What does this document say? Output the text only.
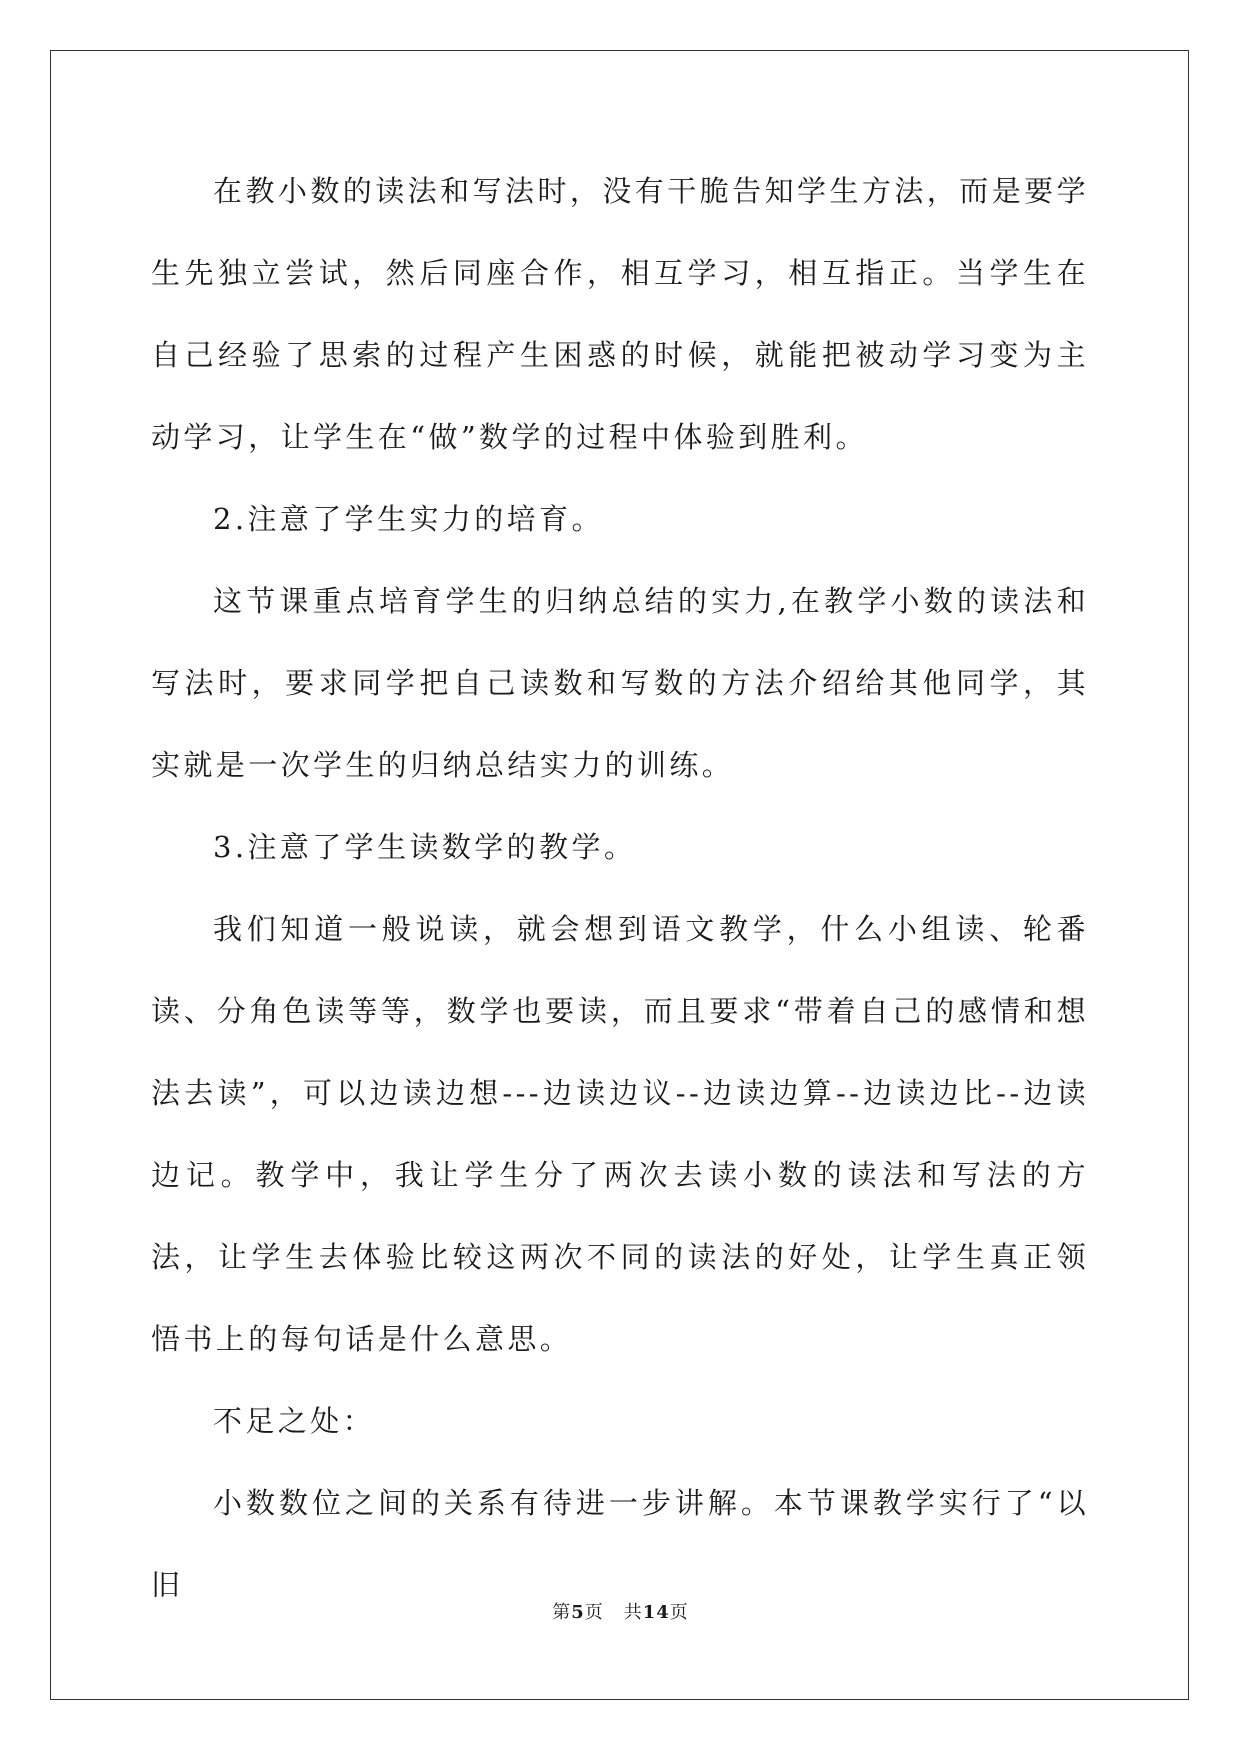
在教小数的读法和写法时，没有干脆告知学生方法，而是要学生先独立尝试，然后同座合作，相互学习，相互指正。当学生在自己经验了思索的过程产生困惑的时候，就能把被动学习变为主动学习，让学生在“做”数学的过程中体验到胜利。

2.注意了学生实力的培育。

这节课重点培育学生的归纳总结的实力,在教学小数的读法和写法时，要求同学把自己读数和写数的方法介绍给其他同学，其实就是一次学生的归纳总结实力的训练。

3.注意了学生读数学的教学。

我们知道一般说读，就会想到语文教学，什么小组读、轮番读、分角色读等等，数学也要读，而且要求“带着自己的感情和想法去读”，可以边读边想---边读边议--边读边算--边读边比--边读边记。教学中，我让学生分了两次去读小数的读法和写法的方法，让学生去体验比较这两次不同的读法的好处，让学生真正领悟书上的每句话是什么意思。

不足之处：

小数数位之间的关系有待进一步讲解。本节课教学实行了“以旧

第5页 共14页
